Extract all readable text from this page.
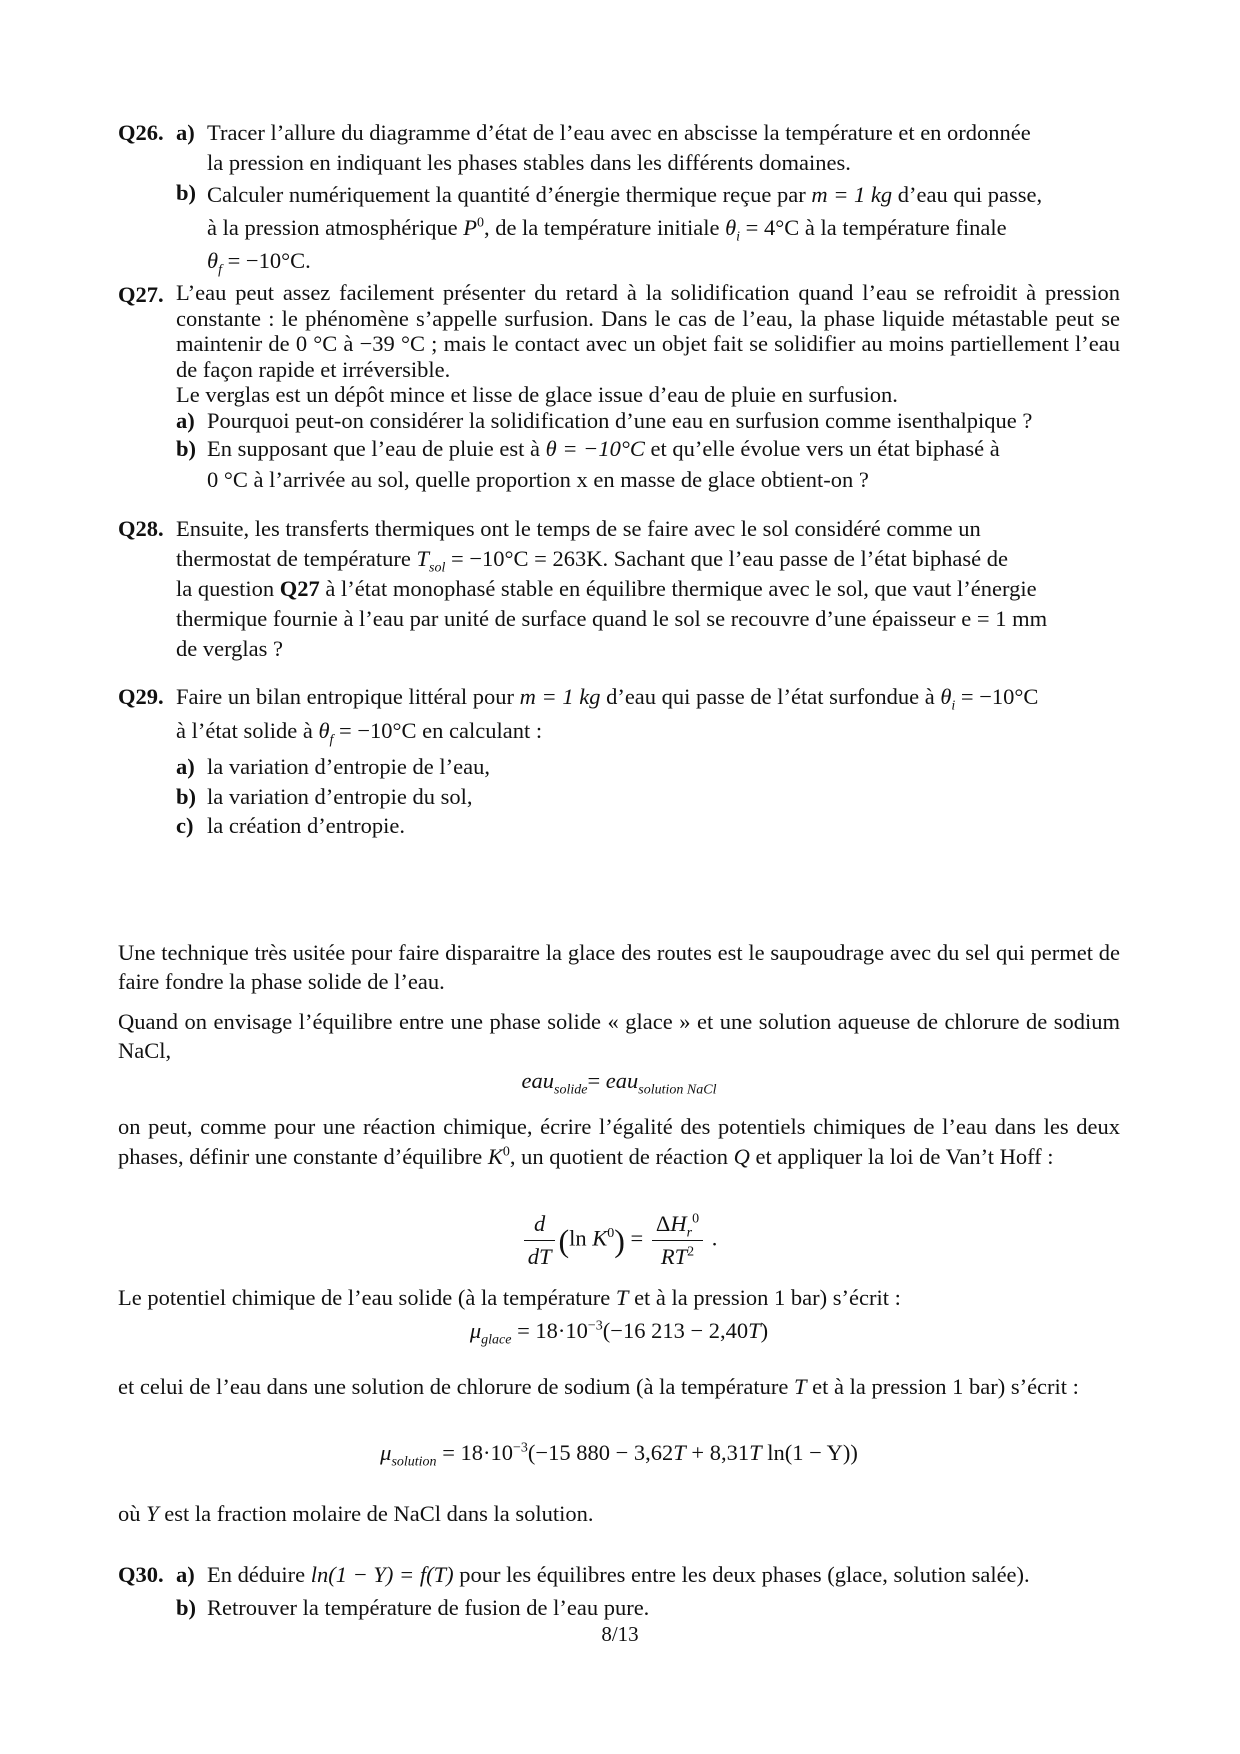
Q26. a) Tracer l’allure du diagramme d’état de l’eau avec en abscisse la température et en ordonnée
la pression en indiquant les phases stables dans les différents domaines.
b) Calculer numériquement la quantité d’énergie thermique reçue par m = 1 kg d’eau qui passe,
à la pression atmosphérique $P^0$, de la température initiale $\theta_i = 4^\circ C$ à la température finale
$\theta_f = -10^\circ C$.
Q27. L’eau peut assez facilement présenter du retard à la solidification quand l’eau se refroidit à pression constante : le phénomène s’appelle surfusion. Dans le cas de l’eau, la phase liquide métastable peut se maintenir de 0 °C à −39 °C ; mais le contact avec un objet fait se solidifier au moins partiellement l’eau de façon rapide et irréversible.
Le verglas est un dépôt mince et lisse de glace issue d’eau de pluie en surfusion.
a) Pourquoi peut-on considérer la solidification d’une eau en surfusion comme isenthalpique ?
b) En supposant que l’eau de pluie est à θ = −10°C et qu’elle évolue vers un état biphasé à
0 °C à l’arrivée au sol, quelle proportion x en masse de glace obtient-on ?
Q28. Ensuite, les transferts thermiques ont le temps de se faire avec le sol considéré comme un
thermostat de température $T_{sol} = -10^\circ C = 263K$. Sachant que l’eau passe de l’état biphasé de
la question Q27 à l’état monophasé stable en équilibre thermique avec le sol, que vaut l’énergie
thermique fournie à l’eau par unité de surface quand le sol se recouvre d’une épaisseur e = 1 mm
de verglas ?
Q29. Faire un bilan entropique littéral pour m = 1 kg d’eau qui passe de l’état surfondue à $\theta_i = -10^\circ C$
à l’état solide à $\theta_f = -10^\circ C$ en calculant :
a) la variation d’entropie de l’eau,
b) la variation d’entropie du sol,
c) la création d’entropie.
Une technique très usitée pour faire disparaitre la glace des routes est le saupoudrage avec du sel qui permet de faire fondre la phase solide de l’eau.
Quand on envisage l’équilibre entre une phase solide « glace » et une solution aqueuse de chlorure de sodium NaCl,
eau$_{solide}$= eau$_{solution NaCl}$
on peut, comme pour une réaction chimique, écrire l’égalité des potentiels chimiques de l’eau dans les deux phases, définir une constante d’équilibre $K^0$, un quotient de réaction Q et appliquer la loi de Van’t Hoff :
$\frac{d}{dT} (\ln$ $K^0) = \frac{\Delta H_r^0}{RT^2}$ .
Le potentiel chimique de l’eau solide (à la température T et à la pression 1 bar) s’écrit :
$\mu_{glace} = 18\cdot 10^{-3}(-16$ 213 − 2,40T)
et celui de l’eau dans une solution de chlorure de sodium (à la température T et à la pression 1 bar) s’écrit :
$\mu_{solution} = 18\cdot 10^{-3}(-15$ 880 − 3,62T + 8,31T ln(1 − Y))
où Y est la fraction molaire de NaCl dans la solution.
Q30. a) En déduire ln(1 − Y) = f(T) pour les équilibres entre les deux phases (glace, solution salée).
b) Retrouver la température de fusion de l’eau pure.
8/13
